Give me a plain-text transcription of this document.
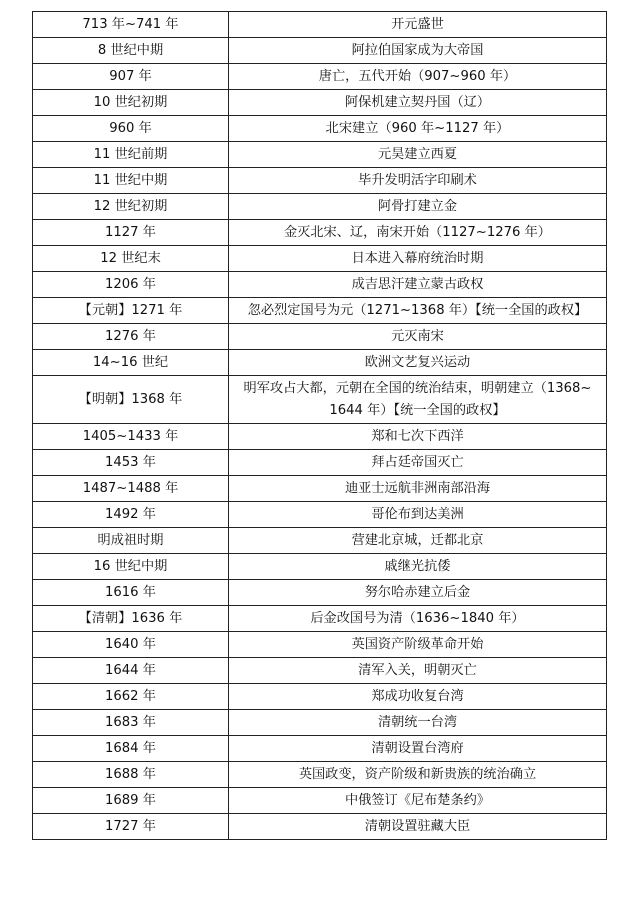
713 年~741 年	开元盛世
8 世纪中期	阿拉伯国家成为大帝国
907 年	唐亡，五代开始（907~960 年）
10 世纪初期	阿保机建立契丹国（辽）
960 年	北宋建立（960 年~1127 年）
11 世纪前期	元昊建立西夏
11 世纪中期	毕升发明活字印刷术
12 世纪初期	阿骨打建立金
1127 年	金灭北宋、辽，南宋开始（1127~1276 年）
12 世纪末	日本进入幕府统治时期
1206 年	成吉思汗建立蒙古政权
【元朝】1271 年	忽必烈定国号为元（1271~1368 年）【统一全国的政权】
1276 年	元灭南宋
14~16 世纪	欧洲文艺复兴运动
【明朝】1368 年	明军攻占大都，元朝在全国的统治结束，明朝建立（1368~1644 年）【统一全国的政权】
1405~1433 年	郑和七次下西洋
1453 年	拜占廷帝国灭亡
1487~1488 年	迪亚士远航非洲南部沿海
1492 年	哥伦布到达美洲
明成祖时期	营建北京城，迁都北京
16 世纪中期	戚继光抗倭
1616 年	努尔哈赤建立后金
【清朝】1636 年	后金改国号为清（1636~1840 年）
1640 年	英国资产阶级革命开始
1644 年	清军入关，明朝灭亡
1662 年	郑成功收复台湾
1683 年	清朝统一台湾
1684 年	清朝设置台湾府
1688 年	英国政变，资产阶级和新贵族的统治确立
1689 年	中俄签订《尼布楚条约》
1727 年	清朝设置驻藏大臣
